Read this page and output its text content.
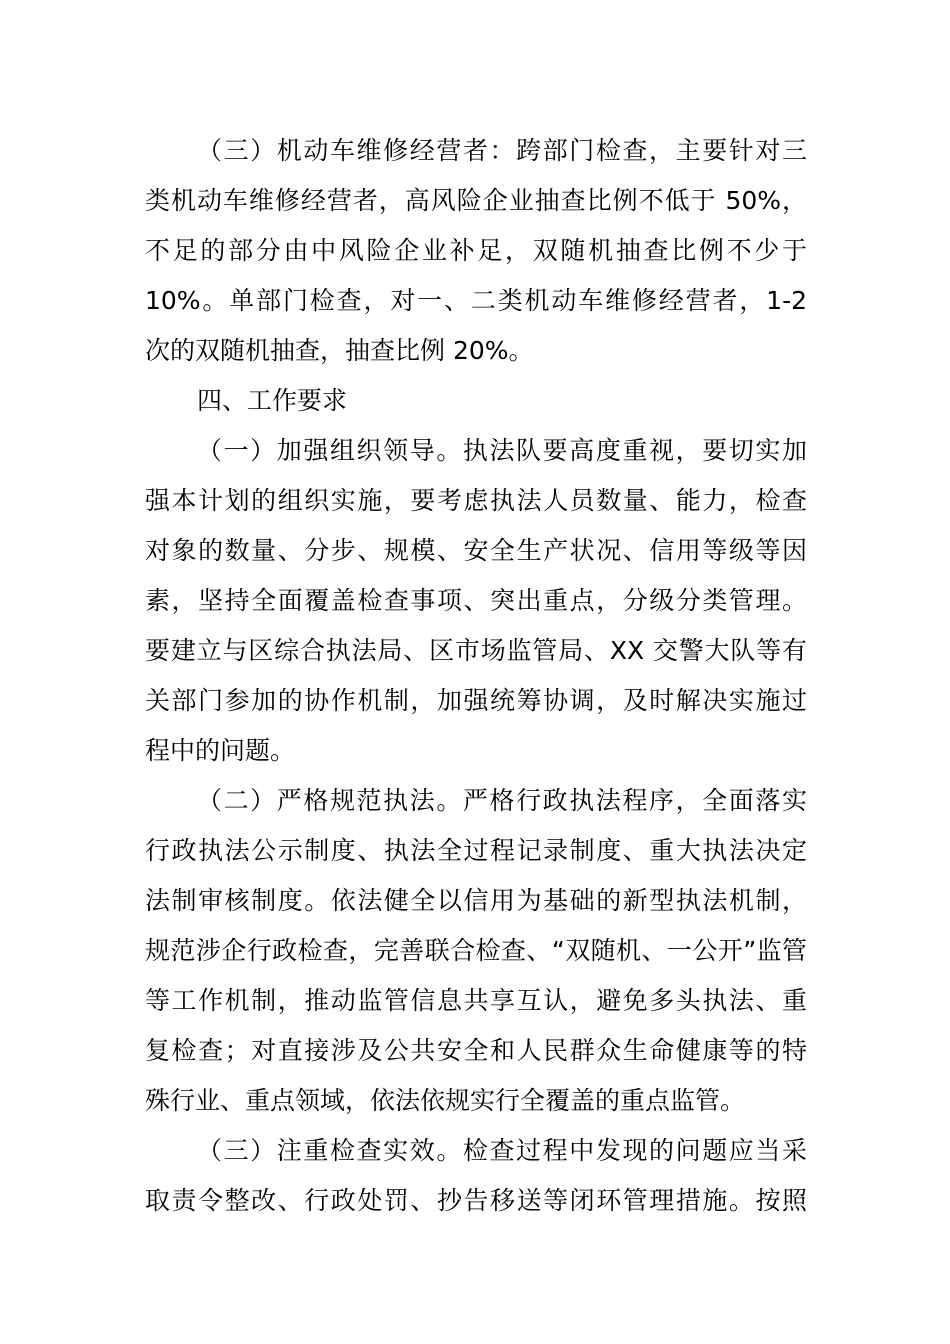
（三）机动车维修经营者：跨部门检查，主要针对三
类机动车维修经营者，高风险企业抽查比例不低于 50%，
不足的部分由中风险企业补足，双随机抽查比例不少于
10%。单部门检查，对一、二类机动车维修经营者，1-2
次的双随机抽查，抽查比例 20%。
四、工作要求
（一）加强组织领导。执法队要高度重视，要切实加
强本计划的组织实施，要考虑执法人员数量、能力，检查
对象的数量、分步、规模、安全生产状况、信用等级等因
素，坚持全面覆盖检查事项、突出重点，分级分类管理。
要建立与区综合执法局、区市场监管局、XX 交警大队等有
关部门参加的协作机制，加强统筹协调，及时解决实施过
程中的问题。
（二）严格规范执法。严格行政执法程序，全面落实
行政执法公示制度、执法全过程记录制度、重大执法决定
法制审核制度。依法健全以信用为基础的新型执法机制，
规范涉企行政检查，完善联合检查、“双随机、一公开”监管
等工作机制，推动监管信息共享互认，避免多头执法、重
复检查；对直接涉及公共安全和人民群众生命健康等的特
殊行业、重点领域，依法依规实行全覆盖的重点监管。
（三）注重检查实效。检查过程中发现的问题应当采
取责令整改、行政处罚、抄告移送等闭环管理措施。按照
